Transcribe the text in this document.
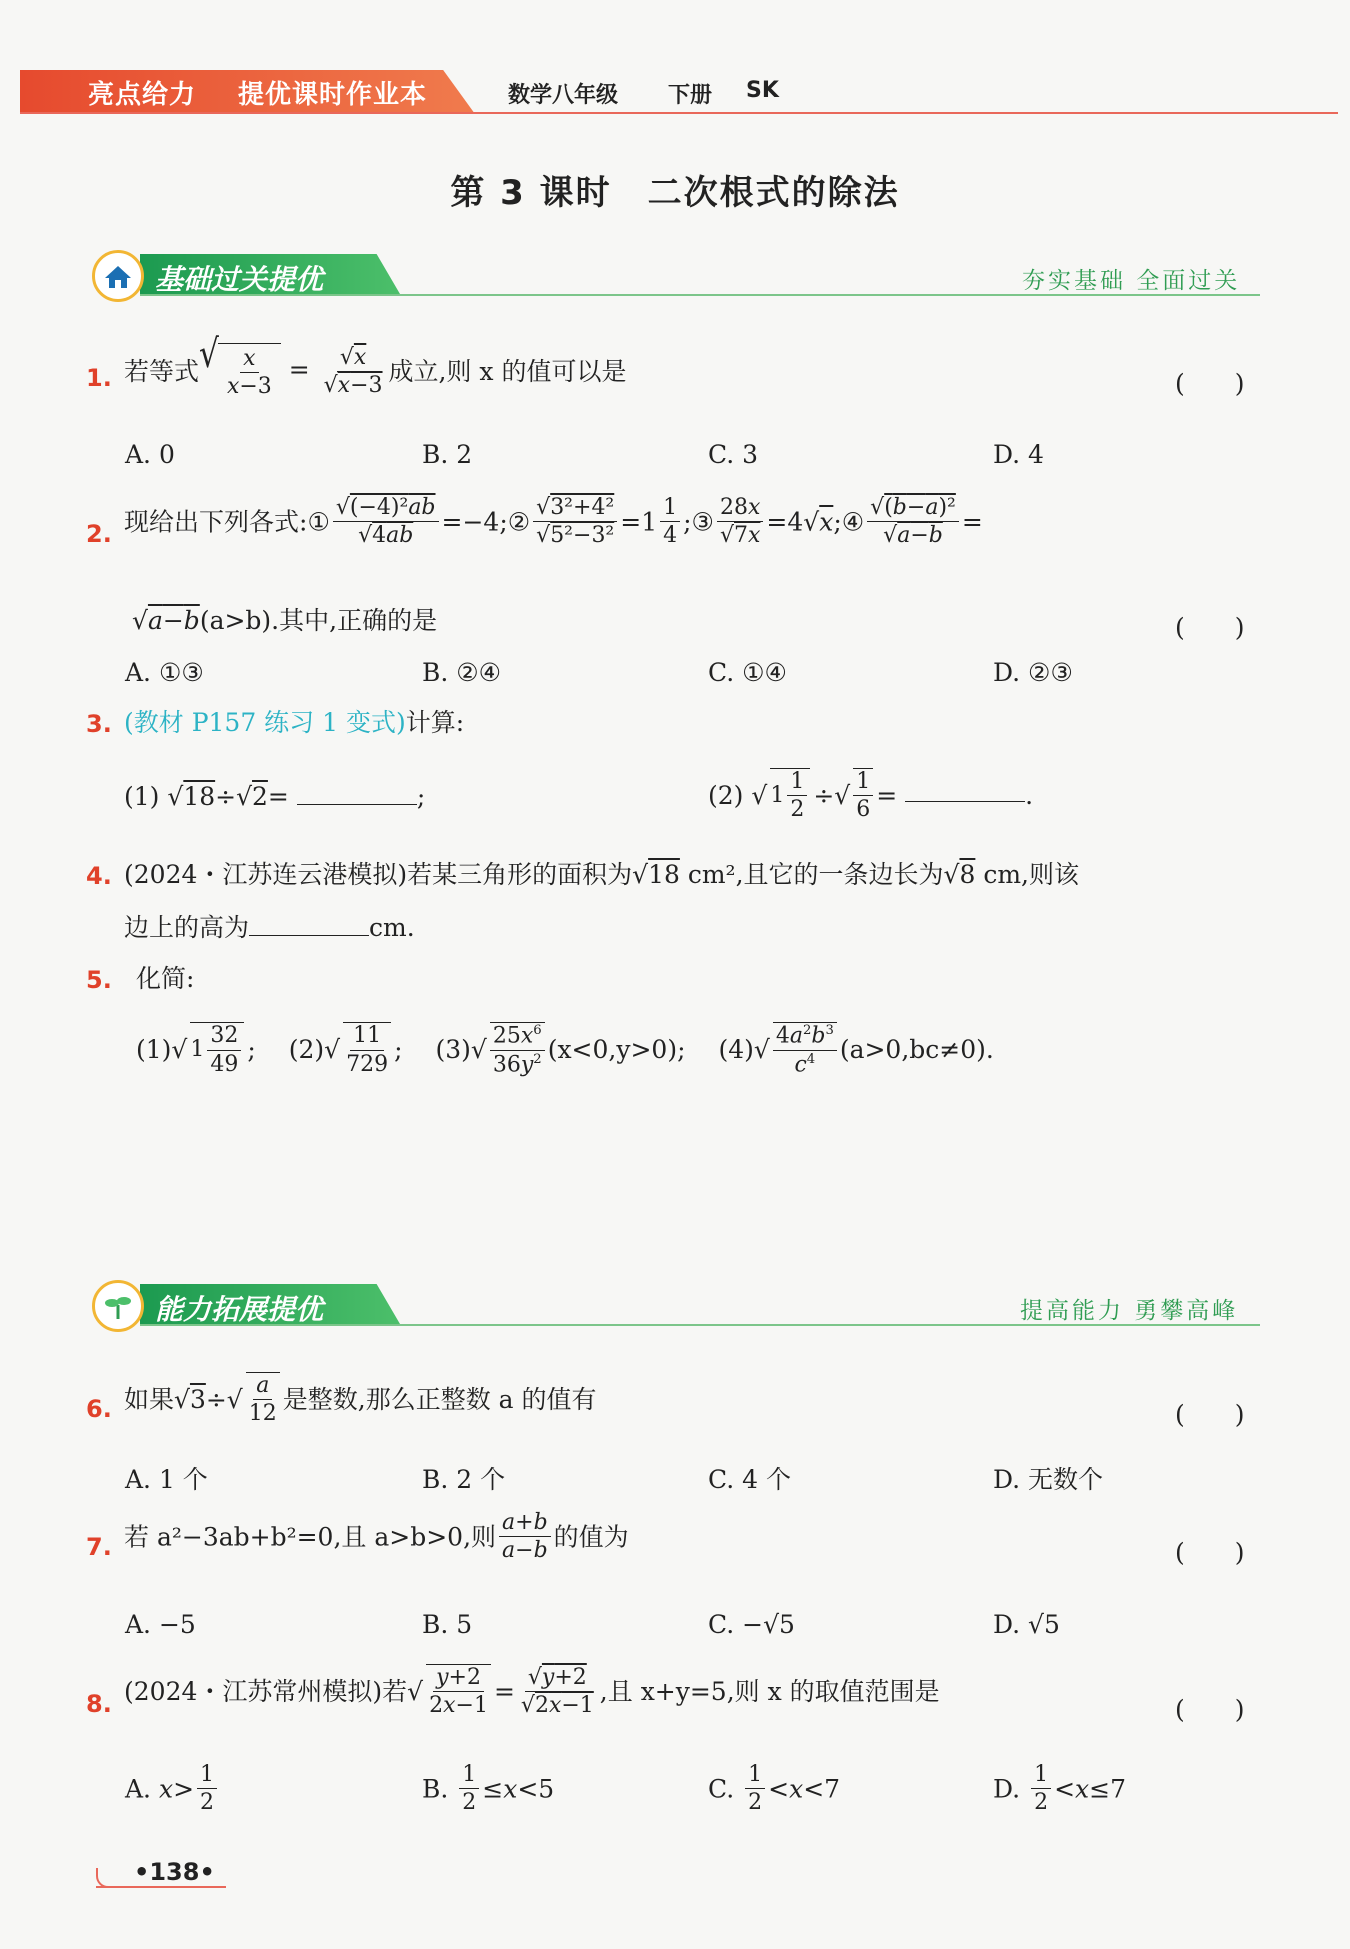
亮点给力 提优课时作业本	数学八年级 下册 SK
第 3 课时　二次根式的除法
基础过关提优	夯实基础 全面过关
1. 若等式 √ $\frac{x}{x-3} = \frac{√x}{√x-3}$ 成立,则 x 的值可以是	(　　)
A. 0	B. 2	C. 3	D. 4
2. 现给出下列各式:① $\frac{\text{√(−4)²ab}}{√4ab}$ =−4;② $\frac{\text{√3²+4²}}{\text{√5²−3²}} =1 \frac{1}{4}$ ;③ $\frac{28x}{√7x}$ =4√x;④ $\frac{\text{√(b−a)²}}{√a-b}$ =
√a−b(a>b).其中,正确的是	(　　)
A. ①③	B. ②④	C. ①④	D. ②③
3. (教材 P157 练习 1 变式)计算:
(1) √18÷√2=	;	(2) √ $1 \frac{1}{2}$ ÷√ $\frac{1}{6}$ =	.
4. (2024・江苏连云港模拟)若某三角形的面积为√18 cm²,且它的一条边长为√8 cm,则该
边上的高为	cm.
5. 化简:
(1)√ $1 \frac{32}{49}$ ;　 $(2)√ \frac{11}{729}$ ;　 $(3)√ \frac{25x^6}{36y^2} (x<0,y>0)$;　 $(4)√ \frac{4a^2b^3}{c^4} (a>0,bc\ne 0)$.
能力拓展提优	提高能力 勇攀高峰
6. 如果$√3\div√ \frac{a}{12}$ 是整数,那么正整数 a 的值有
(　　)
A. 1 个	B. 2 个	C. 4 个	D. 无数个
7. 若 a²−3ab+b²=0,且 a>b>0,则 $\frac{a+b}{a-b}$ 的值为
(　　)
A. −5	B. 5	C. −√5	D. √5
8. (2024・江苏常州模拟)若√ $\frac{y+2}{2x-1} = \frac{√y+2}{√2x-1}$ ,且 x+y=5,则 x 的取值范围是
(　　)
A. $x> \frac{1}{2}$	B. $\frac{1}{2} \le x<5$	C. $\frac{1}{2} <x<7$	D. $\frac{1}{2} <x\le 7$
•138•
